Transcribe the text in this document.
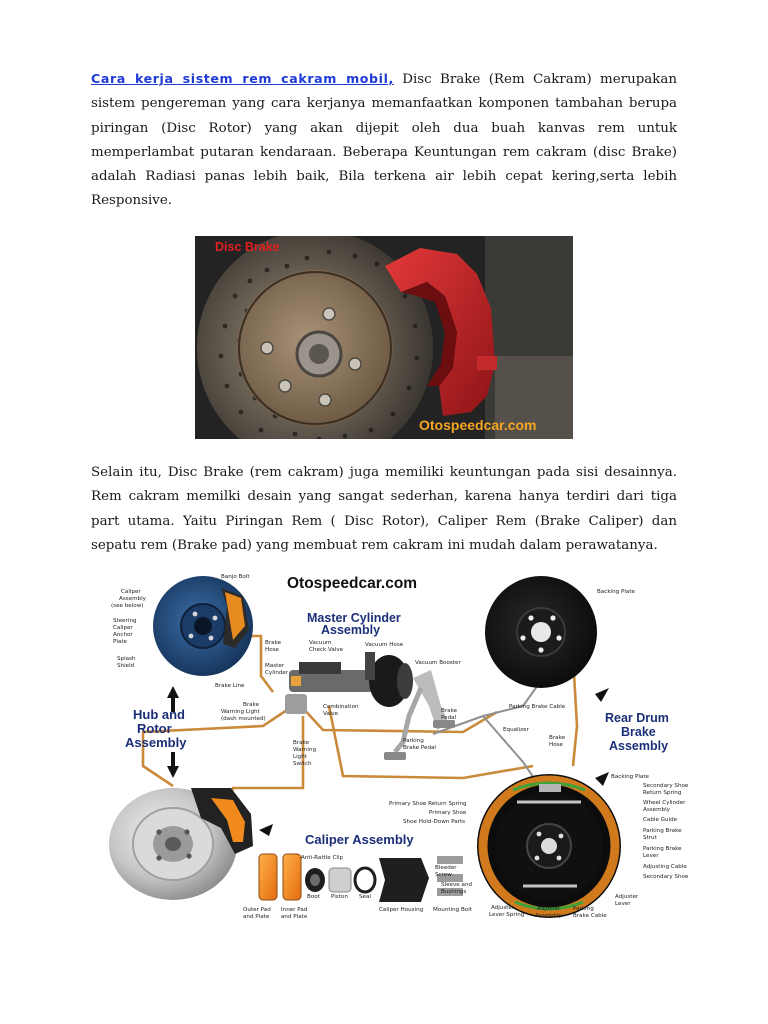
Cara kerja sistem rem cakram mobil, Disc Brake (Rem Cakram) merupakan sistem pengereman yang cara kerjanya memanfaatkan komponen tambahan berupa piringan (Disc Rotor) yang akan dijepit oleh dua buah kanvas rem untuk memperlambat putaran kendaraan. Beberapa Keuntungan rem cakram (disc Brake) adalah Radiasi panas lebih baik, Bila terkena air lebih cepat kering,serta lebih Responsive.

Disc Brake
Otospeedcar.com

Selain itu, Disc Brake (rem cakram) juga memiliki keuntungan pada sisi desainnya. Rem cakram memilki desain yang sangat sederhan, karena hanya terdiri dari tiga part utama. Yaitu Piringan Rem ( Disc Rotor), Caliper Rem (Brake Caliper) dan sepatu rem (Brake pad) yang membuat rem cakram ini mudah dalam perawatanya.

Otospeedcar.com
Master Cylinder
Assembly
Hub and
Rotor
Assembly
Rear Drum
Brake
Assembly
Caliper Assembly
Caliper
Assembly
(see below)
Banjo Bolt
Steering
Caliper
Anchor
Plate
Splash
Shield
Brake
Hose
Master
Cylinder
Vacuum
Check Valve
Vacuum Hose
Vacuum Booster
Brake Line
Brake
Warning Light
(dash mounted)
Combination
Valve
Brake
Warning
Light
Switch
Brake
Pedal
Parking
Brake Pedal
Parking Brake Cable
Equalizer
Brake
Hose
Backing Plate
Backing Plate
Secondary Shoe
Return Spring
Wheel Cylinder
Assembly
Cable Guide
Parking Brake
Strut
Parking Brake
Lever
Adjusting Cable
Secondary Shoe
Primary Shoe Return Spring
Primary Shoe
Shoe Hold-Down Parts
Adjuster
Lever
Adjuster
Lever Spring
Adjuster
Assembly
Parking
Brake Cable
Anti-Rattle Clip
Bleeder
Screw
Sleeve and
Bushings
Outer Pad
and Plate
Inner Pad
and Plate
Boot Piston Seal
Caliper Housing Mounting Bolt
